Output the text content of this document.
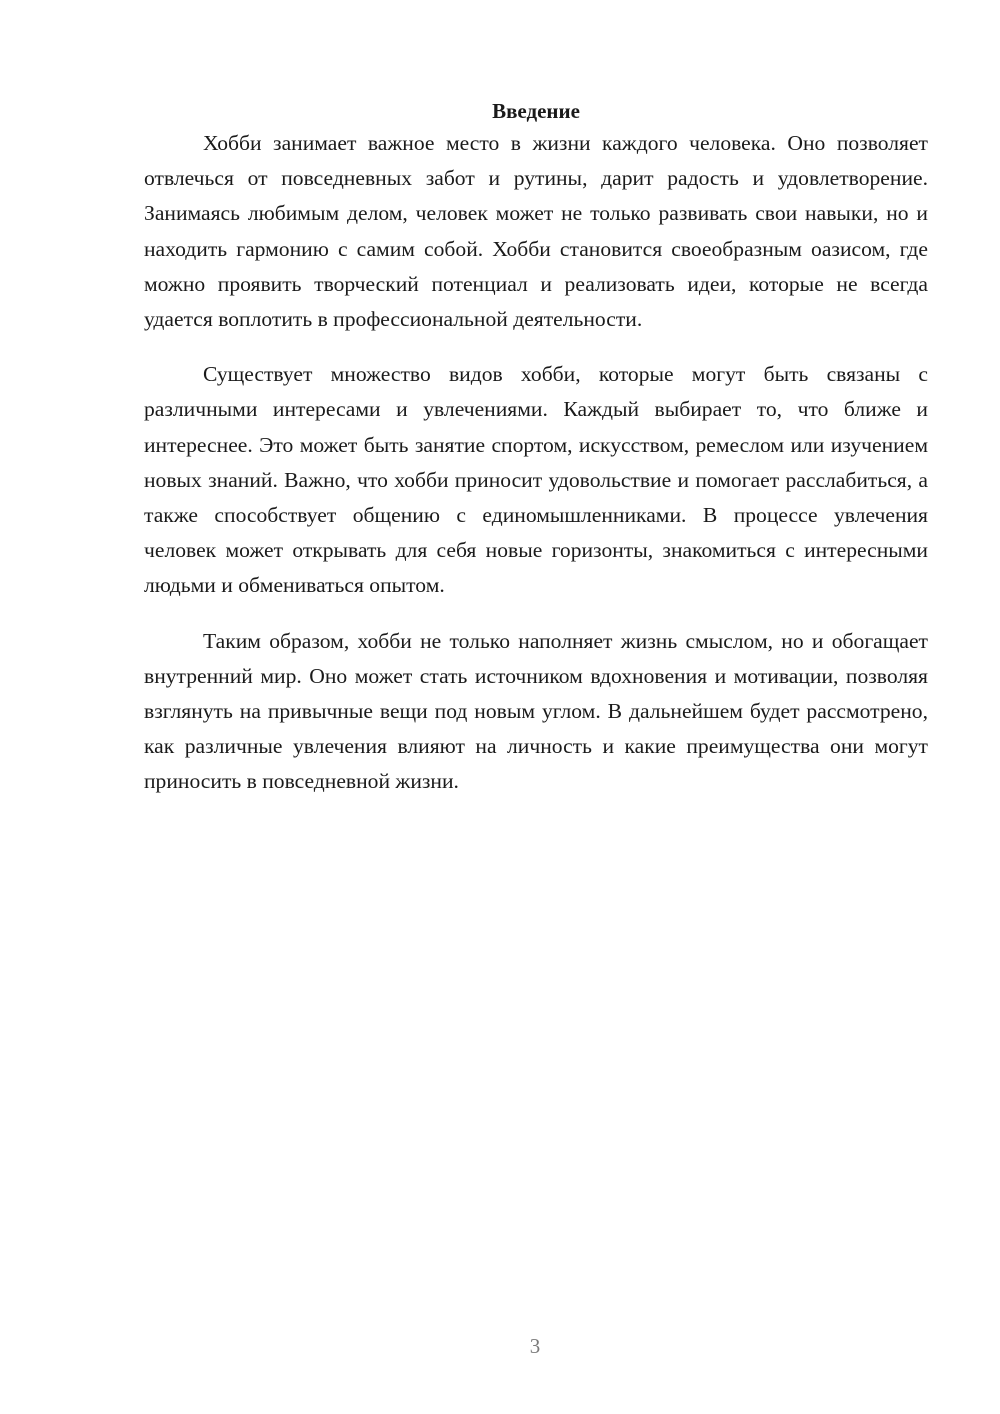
Введение

Хобби занимает важное место в жизни каждого человека. Оно позволяет отвлечься от повседневных забот и рутины, дарит радость и удовлетворение. Занимаясь любимым делом, человек может не только развивать свои навыки, но и находить гармонию с самим собой. Хобби становится своеобразным оазисом, где можно проявить творческий потенциал и реализовать идеи, которые не всегда удается воплотить в профессиональной деятельности.

Существует множество видов хобби, которые могут быть связаны с различными интересами и увлечениями. Каждый выбирает то, что ближе и интереснее. Это может быть занятие спортом, искусством, ремеслом или изучением новых знаний. Важно, что хобби приносит удовольствие и помогает расслабиться, а также способствует общению с единомышленниками. В процессе увлечения человек может открывать для себя новые горизонты, знакомиться с интересными людьми и обмениваться опытом.

Таким образом, хобби не только наполняет жизнь смыслом, но и обогащает внутренний мир. Оно может стать источником вдохновения и мотивации, позволяя взглянуть на привычные вещи под новым углом. В дальнейшем будет рассмотрено, как различные увлечения влияют на личность и какие преимущества они могут приносить в повседневной жизни.

3
